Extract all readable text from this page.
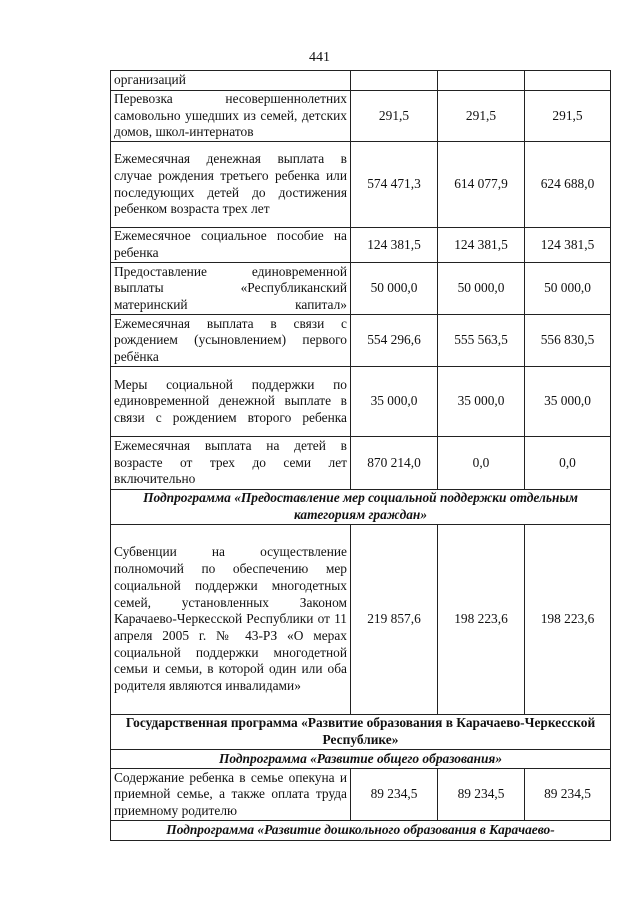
441
организаций			
Перевозка несовершеннолетних самовольно ушедших из семей, детских домов, школ-интернатов	291,5	291,5	291,5
Ежемесячная денежная выплата в случае рождения третьего ребенка или последующих детей до достижения ребенком возраста трех лет	574 471,3	614 077,9	624 688,0
Ежемесячное социальное пособие на ребенка	124 381,5	124 381,5	124 381,5
Предоставление единовременной выплаты «Республиканский материнский капитал»	50 000,0	50 000,0	50 000,0
Ежемесячная выплата в связи с рождением (усыновлением) первого ребёнка	554 296,6	555 563,5	556 830,5
Меры социальной поддержки по единовременной денежной выплате в связи с рождением второго ребенка	35 000,0	35 000,0	35 000,0
Ежемесячная выплата на детей в возрасте от трех до семи лет включительно	870 214,0	0,0	0,0
Подпрограмма «Предоставление мер социальной поддержки отдельным категориям граждан»			
Субвенции на осуществление полномочий по обеспечению мер социальной поддержки многодетных семей, установленных Законом Карачаево-Черкесской Республики от 11 апреля 2005 г. № 43-РЗ «О мерах социальной поддержки многодетной семьи и семьи, в которой один или оба родителя являются инвалидами»	219 857,6	198 223,6	198 223,6
Государственная программа «Развитие образования в Карачаево-Черкесской Республике»			
Подпрограмма «Развитие общего образования»			
Содержание ребенка в семье опекуна и приемной семье, а также оплата труда приемному родителю	89 234,5	89 234,5	89 234,5
Подпрограмма «Развитие дошкольного образования в Карачаево-			
